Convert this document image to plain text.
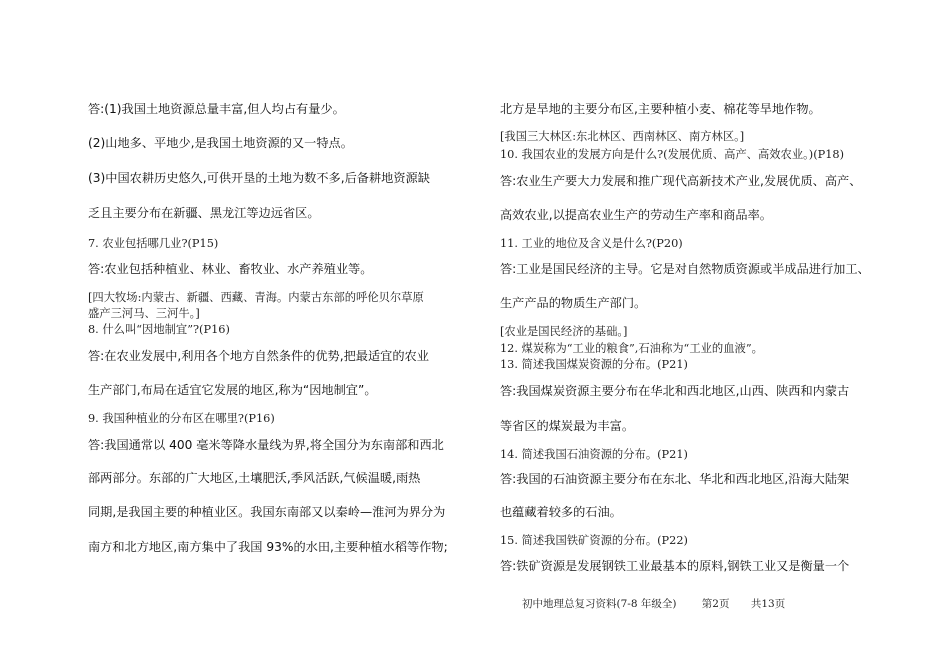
答:(1)我国土地资源总量丰富,但人均占有量少。
(2)山地多、平地少,是我国土地资源的又一特点。
(3)中国农耕历史悠久,可供开垦的土地为数不多,后备耕地资源缺
乏且主要分布在新疆、黑龙江等边远省区。
7. 农业包括哪几业?(P15)
答:农业包括种植业、林业、畜牧业、水产养殖业等。
[四大牧场:内蒙古、新疆、西藏、青海。内蒙古东部的呼伦贝尔草原
盛产三河马、三河牛。]
8. 什么叫“因地制宜”?(P16)
答:在农业发展中,利用各个地方自然条件的优势,把最适宜的农业
生产部门,布局在适宜它发展的地区,称为“因地制宜”。
9. 我国种植业的分布区在哪里?(P16)
答:我国通常以 400 毫米等降水量线为界,将全国分为东南部和西北
部两部分。东部的广大地区,土壤肥沃,季风活跃,气候温暖,雨热
同期,是我国主要的种植业区。我国东南部又以秦岭—淮河为界分为
南方和北方地区,南方集中了我国 93%的水田,主要种植水稻等作物;
北方是旱地的主要分布区,主要种植小麦、棉花等旱地作物。
[我国三大林区:东北林区、西南林区、南方林区。]
10. 我国农业的发展方向是什么?(发展优质、高产、高效农业。)(P18)
答:农业生产要大力发展和推广现代高新技术产业,发展优质、高产、
高效农业,以提高农业生产的劳动生产率和商品率。
11. 工业的地位及含义是什么?(P20)
答:工业是国民经济的主导。它是对自然物质资源或半成品进行加工、
生产产品的物质生产部门。
[农业是国民经济的基础。]
12. 煤炭称为“工业的粮食”,石油称为“工业的血液”。
13. 简述我国煤炭资源的分布。(P21)
答:我国煤炭资源主要分布在华北和西北地区,山西、陕西和内蒙古
等省区的煤炭最为丰富。
14. 简述我国石油资源的分布。(P21)
答:我国的石油资源主要分布在东北、华北和西北地区,沿海大陆架
也蕴藏着较多的石油。
15. 简述我国铁矿资源的分布。(P22)
答:铁矿资源是发展钢铁工业最基本的原料,钢铁工业又是衡量一个
初中地理总复习资料(7-8 年级全) 第2页 共13页
